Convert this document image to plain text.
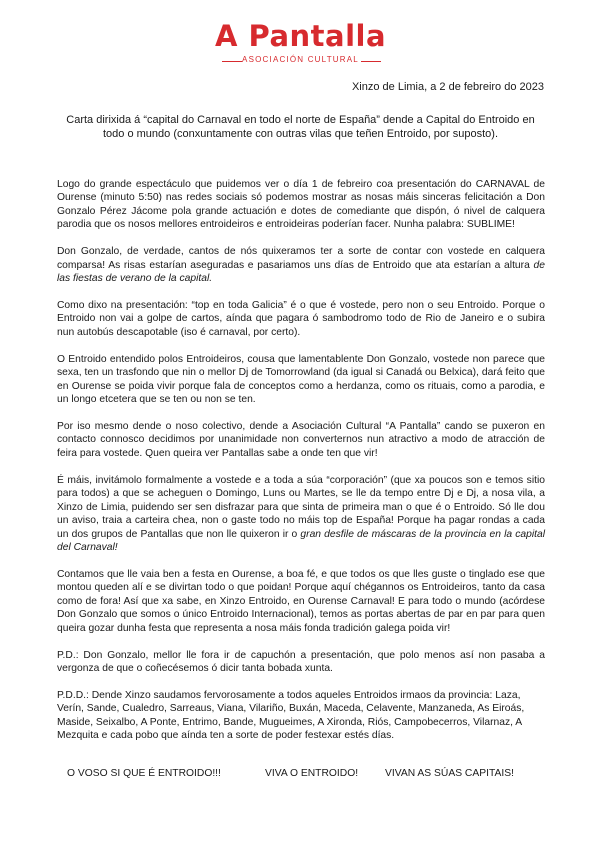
A Pantalla
ASOCIACIÓN CULTURAL
Xinzo de Limia, a 2 de febreiro do 2023
Carta dirixida á “capital do Carnaval en todo el norte de España” dende a Capital do Entroido en todo o mundo (conxuntamente con outras vilas que teñen Entroido, por suposto).

Logo do grande espectáculo que puidemos ver o día 1 de febreiro coa presentación do CARNAVAL de Ourense (minuto 5:50) nas redes sociais só podemos mostrar as nosas máis sinceras felicitación a Don Gonzalo Pérez Jácome pola grande actuación e dotes de comediante que dispón, ó nivel de calquera parodia que os nosos mellores entroideiros e entroideiras poderían facer. Nunha palabra: SUBLIME!

Don Gonzalo, de verdade, cantos de nós quixeramos ter a sorte de contar con vostede en calquera comparsa! As risas estarían aseguradas e pasariamos uns días de Entroido que ata estarían a altura de las fiestas de verano de la capital.

Como dixo na presentación: “top en toda Galicia” é o que é vostede, pero non o seu Entroido. Porque o Entroido non vai a golpe de cartos, aínda que pagara ó sambodromo todo de Rio de Janeiro e o subira nun autobús descapotable (iso é carnaval, por certo).

O Entroido entendido polos Entroideiros, cousa que lamentablente Don Gonzalo, vostede non parece que sexa, ten un trasfondo que nin o mellor Dj de Tomorrowland (da igual si Canadá ou Belxica), dará feito que en Ourense se poida vivir porque fala de conceptos como a herdanza, como os rituais, como a parodia, e un longo etcetera que se ten ou non se ten.

Por iso mesmo dende o noso colectivo, dende a Asociación Cultural “A Pantalla” cando se puxeron en contacto connosco decidimos por unanimidade non converternos nun atractivo a modo de atracción de feira para vostede. Quen queira ver Pantallas sabe a onde ten que vir!

É máis, invitámolo formalmente a vostede e a toda a súa “corporación” (que xa poucos son e temos sitio para todos) a que se acheguen o Domingo, Luns ou Martes, se lle da tempo entre Dj e Dj, a nosa vila, a Xinzo de Limia, puidendo ser sen disfrazar para que sinta de primeira man o que é o Entroido. Só lle dou un aviso, traia a carteira chea, non o gaste todo no máis top de España! Porque ha pagar rondas a cada un dos grupos de Pantallas que non lle quixeron ir o gran desfile de máscaras de la provincia en la capital del Carnaval!

Contamos que lle vaia ben a festa en Ourense, a boa fé, e que todos os que lles guste o tinglado ese que montou queden alí e se divirtan todo o que poidan! Porque aquí chégannos os Entroideiros, tanto da casa como de fora! Así que xa sabe, en Xinzo Entroido, en Ourense Carnaval! E para todo o mundo (acórdese Don Gonzalo que somos o único Entroido Internacional), temos as portas abertas de par en par para quen queira gozar dunha festa que representa a nosa máis fonda tradición galega poida vir!

P.D.: Don Gonzalo, mellor lle fora ir de capuchón a presentación, que polo menos así non pasaba a vergonza de que o coñecésemos ó dicir tanta bobada xunta.

P.D.D.: Dende Xinzo saudamos fervorosamente a todos aqueles Entroidos irmaos da provincia: Laza, Verín, Sande, Cualedro, Sarreaus, Viana, Vilariño, Buxán, Maceda, Celavente, Manzaneda, As Eiroás, Maside, Seixalbo, A Ponte, Entrimo, Bande, Mugueimes, A Xironda, Riós, Campobecerros, Vilarnaz, A Mezquita e cada pobo que aínda ten a sorte de poder festexar estés días.

O VOSO SI QUE É ENTROIDO!!!	VIVA O ENTROIDO!	VIVAN AS SÚAS CAPITAIS!
